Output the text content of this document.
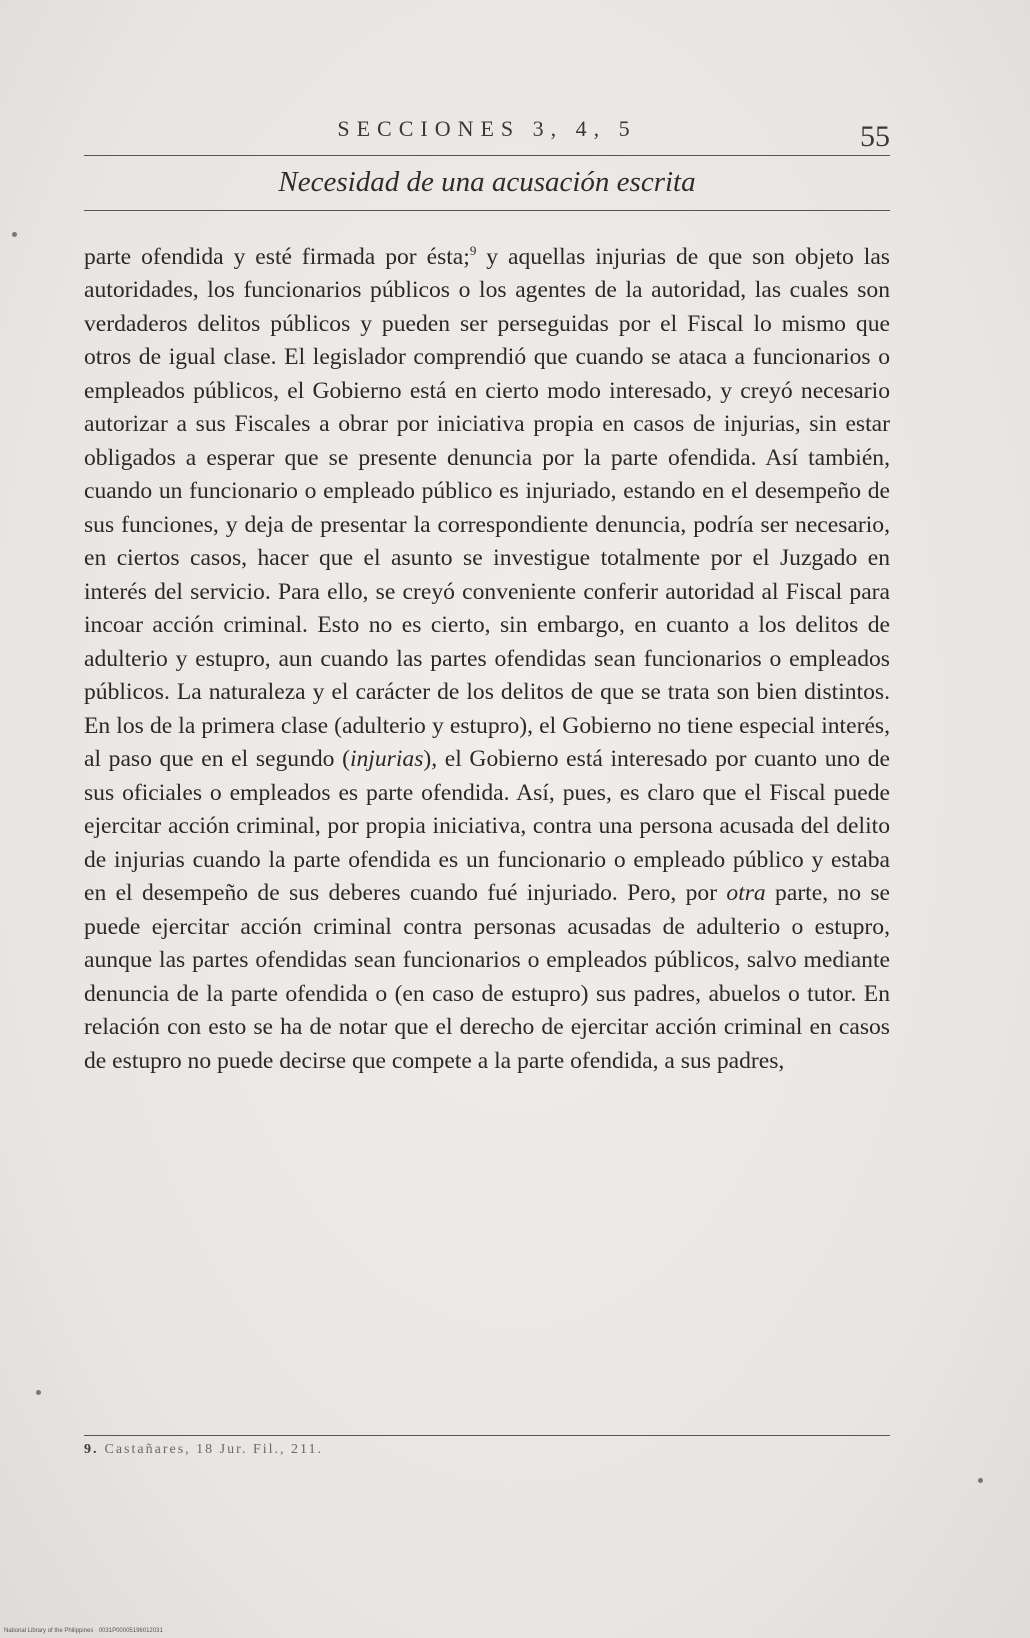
SECCIONES 3, 4, 5	55
Necesidad de una acusación escrita

parte ofendida y esté firmada por ésta;$^9$ y aquellas injurias de que son objeto las autoridades, los funcionarios públicos o los agentes de la autoridad, las cuales son verdaderos delitos públicos y pueden ser perseguidas por el Fiscal lo mismo que otros de igual clase. El legislador comprendió que cuando se ataca a funcionarios o empleados públicos, el Gobierno está en cierto modo interesado, y creyó necesario autorizar a sus Fiscales a obrar por iniciativa propia en casos de injurias, sin estar obligados a esperar que se presente denuncia por la parte ofendida. Así también, cuando un funcionario o empleado público es injuriado, estando en el desempeño de sus funciones, y deja de presentar la correspondiente denuncia, podría ser necesario, en ciertos casos, hacer que el asunto se investigue totalmente por el Juzgado en interés del servicio. Para ello, se creyó conveniente conferir autoridad al Fiscal para incoar acción criminal. Esto no es cierto, sin embargo, en cuanto a los delitos de adulterio y estupro, aun cuando las partes ofendidas sean funcionarios o empleados públicos. La naturaleza y el carácter de los delitos de que se trata son bien distintos. En los de la primera clase (adulterio y estupro), el Gobierno no tiene especial interés, al paso que en el segundo (injurias), el Gobierno está interesado por cuanto uno de sus oficiales o empleados es parte ofendida. Así, pues, es claro que el Fiscal puede ejercitar acción criminal, por propia iniciativa, contra una persona acusada del delito de injurias cuando la parte ofendida es un funcionario o empleado público y estaba en el desempeño de sus deberes cuando fué injuriado. Pero, por otra parte, no se puede ejercitar acción criminal contra personas acusadas de adulterio o estupro, aunque las partes ofendidas sean funcionarios o empleados públicos, salvo mediante denuncia de la parte ofendida o (en caso de estupro) sus padres, abuelos o tutor. En relación con esto se ha de notar que el derecho de ejercitar acción criminal en casos de estupro no puede decirse que compete a la parte ofendida, a sus padres,

9. Castañares, 18 Jur. Fil., 211.
National Library of the Philippines · 0031P00005196012031
